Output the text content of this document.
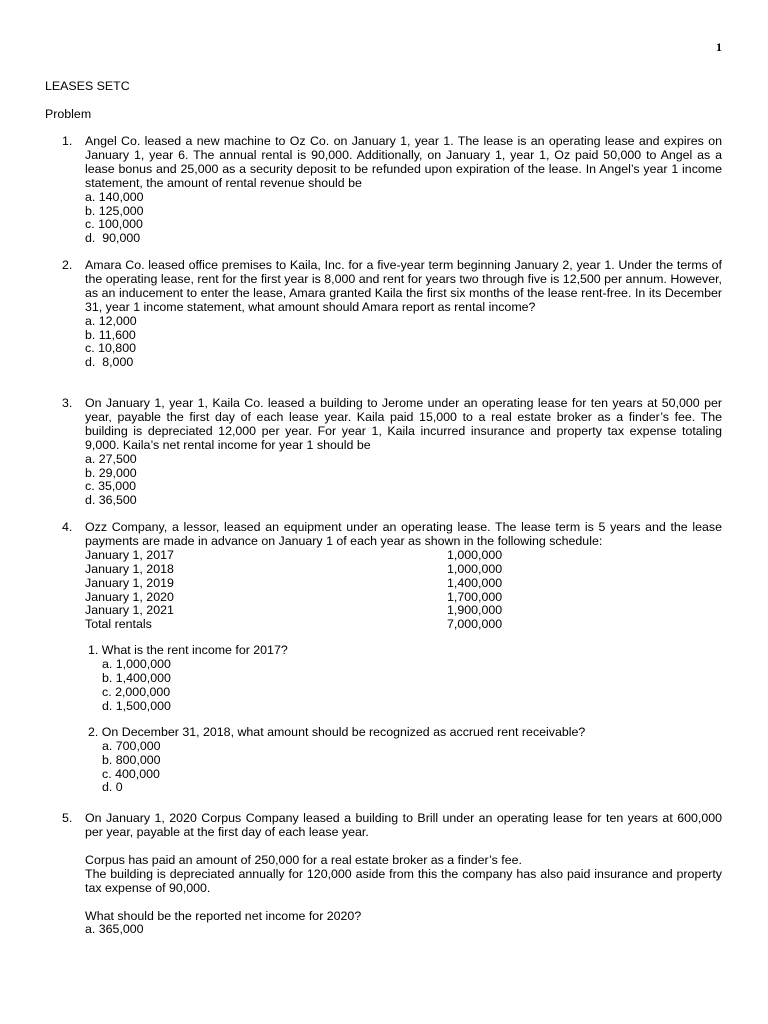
1
LEASES SETC
Problem
1. Angel Co. leased a new machine to Oz Co. on January 1, year 1. The lease is an operating lease and expires on January 1, year 6. The annual rental is 90,000. Additionally, on January 1, year 1, Oz paid 50,000 to Angel as a lease bonus and 25,000 as a security deposit to be refunded upon expiration of the lease. In Angel’s year 1 income statement, the amount of rental revenue should be
a. 140,000
b. 125,000
c. 100,000
d.  90,000
2. Amara Co. leased office premises to Kaila, Inc. for a five-year term beginning January 2, year 1. Under the terms of the operating lease, rent for the first year is 8,000 and rent for years two through five is 12,500 per annum. However, as an inducement to enter the lease, Amara granted Kaila the first six months of the lease rent-free. In its December 31, year 1 income statement, what amount should Amara report as rental income?
a. 12,000
b. 11,600
c. 10,800
d.  8,000
3. On January 1, year 1, Kaila Co. leased a building to Jerome under an operating lease for ten years at 50,000 per year, payable the first day of each lease year. Kaila paid 15,000 to a real estate broker as a finder’s fee. The building is depreciated 12,000 per year. For year 1, Kaila incurred insurance and property tax expense totaling 9,000. Kaila’s net rental income for year 1 should be
a. 27,500
b. 29,000
c. 35,000
d. 36,500
4. Ozz Company, a lessor, leased an equipment under an operating lease. The lease term is 5 years and the lease payments are made in advance on January 1 of each year as shown in the following schedule:
January 1, 2017	1,000,000
January 1, 2018	1,000,000
January 1, 2019	1,400,000
January 1, 2020	1,700,000
January 1, 2021	1,900,000
Total rentals	7,000,000
1. What is the rent income for 2017?
a. 1,000,000
b. 1,400,000
c. 2,000,000
d. 1,500,000
2. On December 31, 2018, what amount should be recognized as accrued rent receivable?
a. 700,000
b. 800,000
c. 400,000
d. 0
5. On January 1, 2020 Corpus Company leased a building to Brill under an operating lease for ten years at 600,000 per year, payable at the first day of each lease year.
Corpus has paid an amount of 250,000 for a real estate broker as a finder’s fee.
The building is depreciated annually for 120,000 aside from this the company has also paid insurance and property tax expense of 90,000.
What should be the reported net income for 2020?
a. 365,000
